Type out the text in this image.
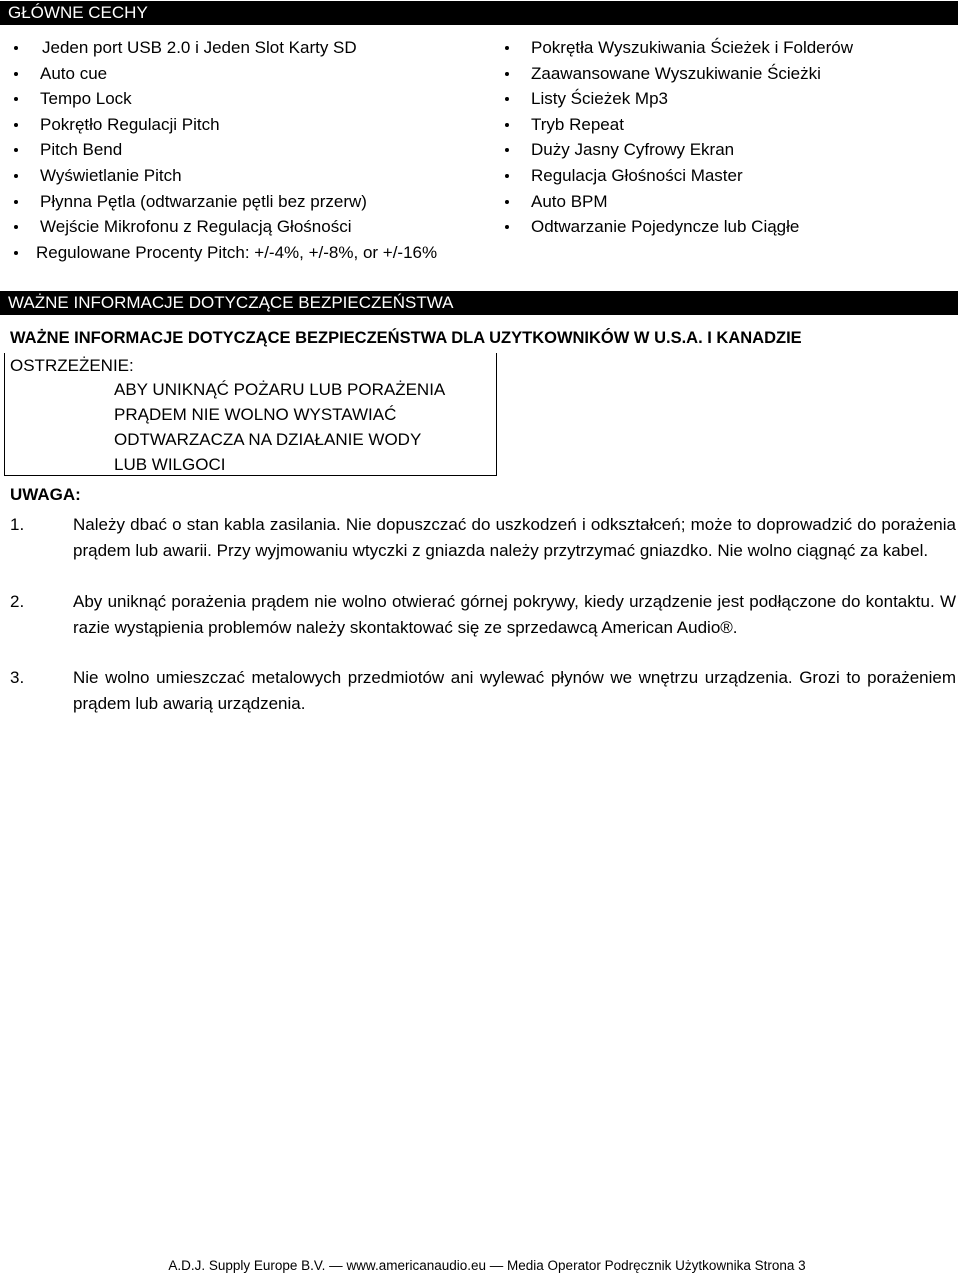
GŁÓWNE CECHY
Jeden port USB 2.0 i Jeden Slot Karty SD
Auto cue
Tempo Lock
Pokrętło Regulacji Pitch
Pitch Bend
Wyświetlanie Pitch
Płynna Pętla (odtwarzanie pętli bez przerw)
Wejście Mikrofonu z Regulacją Głośności
Regulowane Procenty Pitch: +/-4%, +/-8%, or +/-16%
Pokrętła Wyszukiwania Ścieżek i Folderów
Zaawansowane Wyszukiwanie Ścieżki
Listy Ścieżek Mp3
Tryb Repeat
Duży Jasny Cyfrowy Ekran
Regulacja Głośności Master
Auto BPM
Odtwarzanie Pojedyncze lub Ciągłe
WAŻNE INFORMACJE DOTYCZĄCE BEZPIECZEŃSTWA
WAŻNE INFORMACJE DOTYCZĄCE BEZPIECZEŃSTWA DLA UZYTKOWNIKÓW W U.S.A. I KANADZIE
OSTRZEŻENIE:
ABY UNIKNĄĆ POŻARU LUB PORAŻENIA
PRĄDEM NIE WOLNO WYSTAWIAĆ
ODTWARZACZA NA DZIAŁANIE WODY
LUB WILGOCI
UWAGA:
1.	Należy dbać o stan kabla zasilania. Nie dopuszczać do uszkodzeń i odkształceń; może to doprowadzić do porażenia prądem lub awarii. Przy wyjmowaniu wtyczki z gniazda należy przytrzymać gniazdko. Nie wolno ciągnąć za kabel.
2.	Aby uniknąć porażenia prądem nie wolno otwierać górnej pokrywy, kiedy urządzenie jest podłączone do kontaktu. W razie wystąpienia problemów należy skontaktować się ze sprzedawcą American Audio®.
3.	Nie wolno umieszczać metalowych przedmiotów ani wylewać płynów we wnętrzu urządzenia. Grozi to porażeniem prądem lub awarią urządzenia.
A.D.J. Supply Europe B.V. — www.americanaudio.eu — Media Operator Podręcznik Użytkownika Strona 3
